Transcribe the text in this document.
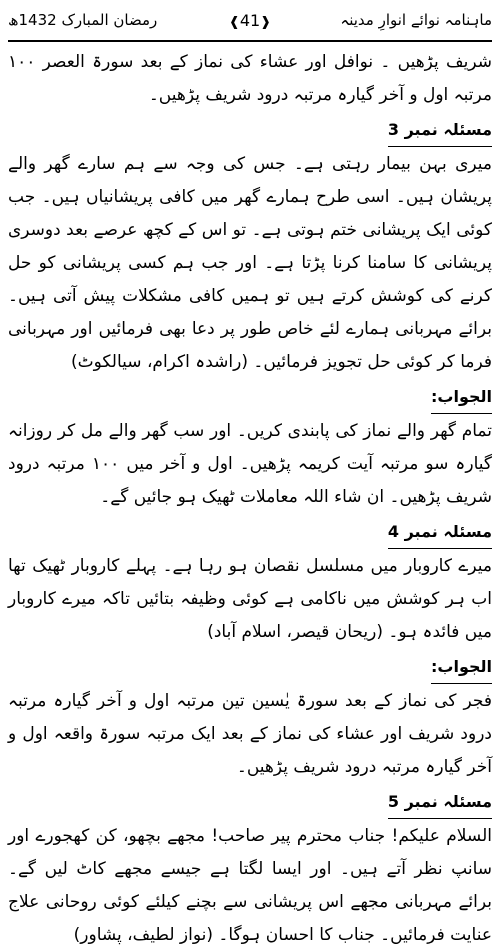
ماہنامہ نوائے انوارِ مدینہ
❰41❱
رمضان المبارک 1432ھ

شریف پڑھیں ۔ نوافل اور عشاء کی نماز کے بعد سورۃ العصر ۱۰۰ مرتبہ اول و آخر گیارہ مرتبہ درود شریف پڑھیں۔

مسئلہ نمبر 3

میری بہن بیمار رہتی ہے۔ جس کی وجہ سے ہم سارے گھر والے پریشان ہیں۔ اسی طرح ہمارے گھر میں کافی پریشانیاں ہیں۔ جب کوئی ایک پریشانی ختم ہوتی ہے۔ تو اس کے کچھ عرصے بعد دوسری پریشانی کا سامنا کرنا پڑتا ہے۔ اور جب ہم کسی پریشانی کو حل کرنے کی کوشش کرتے ہیں تو ہمیں کافی مشکلات پیش آتی ہیں۔ برائے مہربانی ہمارے لئے خاص طور پر دعا بھی فرمائیں اور مہربانی فرما کر کوئی حل تجویز فرمائیں۔ (راشدہ اکرام، سیالکوٹ)

الجواب:

تمام گھر والے نماز کی پابندی کریں۔ اور سب گھر والے مل کر روزانہ گیارہ سو مرتبہ آیت کریمہ پڑھیں۔ اول و آخر میں ۱۰۰ مرتبہ درود شریف پڑھیں۔ ان شاء اللہ معاملات ٹھیک ہو جائیں گے۔

مسئلہ نمبر 4

میرے کاروبار میں مسلسل نقصان ہو رہا ہے۔ پہلے کاروبار ٹھیک تھا اب ہر کوشش میں ناکامی ہے کوئی وظیفہ بتائیں تاکہ میرے کاروبار میں فائدہ ہو۔ (ریحان قیصر، اسلام آباد)

الجواب:

فجر کی نماز کے بعد سورۃ یٰسین تین مرتبہ اول و آخر گیارہ مرتبہ درود شریف اور عشاء کی نماز کے بعد ایک مرتبہ سورۃ واقعہ اول و آخر گیارہ مرتبہ درود شریف پڑھیں۔

مسئلہ نمبر 5

السلام علیکم! جناب محترم پیر صاحب! مجھے بچھو، کن کھجورے اور سانپ نظر آتے ہیں۔ اور ایسا لگتا ہے جیسے مجھے کاٹ لیں گے۔ برائے مہربانی مجھے اس پریشانی سے بچنے کیلئے کوئی روحانی علاج عنایت فرمائیں۔ جناب کا احسان ہوگا۔ (نواز لطیف، پشاور)
